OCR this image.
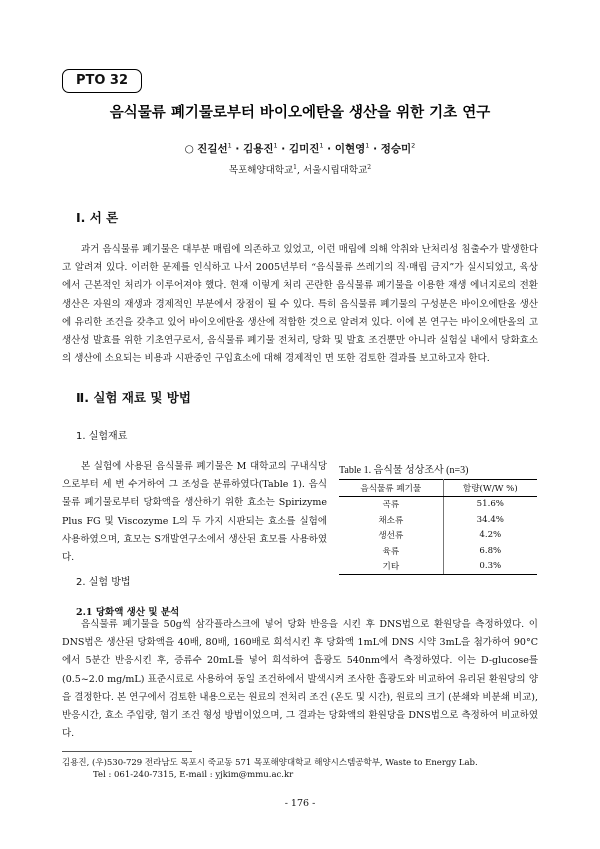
PTO 32
음식물류 폐기물로부터 바이오에탄올 생산을 위한 기초 연구
○ 진길선$^1$ · 김용진$^1$ · 김미진$^1$ · 이현영$^1$ · 정승미$^2$
목포해양대학교$^1$, 서울시립대학교$^2$
Ⅰ. 서 론
과거 음식물류 폐기물은 대부분 매립에 의존하고 있었고, 이런 매립에 의해 악취와 난처리성 침출수가 발생한다고 알려져 있다. 이러한 문제를 인식하고 나서 2005년부터 “음식물류 쓰레기의 직·매립 금지”가 실시되었고, 육상에서 근본적인 처리가 이루어져야 했다. 현재 이렇게 처리 곤란한 음식물류 폐기물을 이용한 재생 에너지로의 전환생산은 자원의 재생과 경제적인 부분에서 장점이 될 수 있다. 특히 음식물류 폐기물의 구성분은 바이오에탄올 생산에 유리한 조건을 갖추고 있어 바이오에탄올 생산에 적합한 것으로 알려져 있다. 이에 본 연구는 바이오에탄올의 고 생산성 발효를 위한 기초연구로서, 음식물류 폐기물 전처리, 당화 및 발효 조건뿐만 아니라 실험실 내에서 당화효소의 생산에 소요되는 비용과 시판중인 구입효소에 대해 경제적인 면 또한 검토한 결과를 보고하고자 한다.
Ⅱ. 실험 재료 및 방법
1. 실험재료
본 실험에 사용된 음식물류 폐기물은 M 대학교의 구내식당으로부터 세 번 수거하여 그 조성을 분류하였다(Table 1). 음식물류 폐기물로부터 당화액을 생산하기 위한 효소는 Spirizyme Plus FG 및 Viscozyme L의 두 가지 시판되는 효소를 실험에 사용하였으며, 효모는 S개발연구소에서 생산된 효모를 사용하였다.
Table 1. 음식물 성상조사 (n=3)
음식물류 폐기물	함량(W/W %)
곡류	51.6%
채소류	34.4%
생선류	4.2%
육류	6.8%
기타	0.3%
2. 실험 방법
2.1 당화액 생산 및 분석
음식물류 폐기물을 50g씩 삼각플라스크에 넣어 당화 반응을 시킨 후 DNS법으로 환원당을 측정하였다. 이 DNS법은 생산된 당화액을 40배, 80배, 160배로 희석시킨 후 당화액 1mL에 DNS 시약 3mL을 첨가하여 90°C에서 5분간 반응시킨 후, 증류수 20mL를 넣어 희석하여 흡광도 540nm에서 측정하였다. 이는 D-glucose를 (0.5~2.0 mg/mL) 표준시료로 사용하여 동일 조건하에서 발색시켜 조사한 흡광도와 비교하여 유리된 환원당의 양을 결정한다. 본 연구에서 검토한 내용으로는 원료의 전처리 조건 (온도 및 시간), 원료의 크기 (분쇄와 비분쇄 비교), 반응시간, 효소 주입량, 혐기 조건 형성 방법이었으며, 그 결과는 당화액의 환원당을 DNS법으로 측정하여 비교하였다.
김용진, (우)530-729 전라남도 목포시 죽교동 571 목포해양대학교 해양시스템공학부, Waste to Energy Lab.
Tel : 061-240-7315, E-mail : yjkim@mmu.ac.kr
- 176 -
